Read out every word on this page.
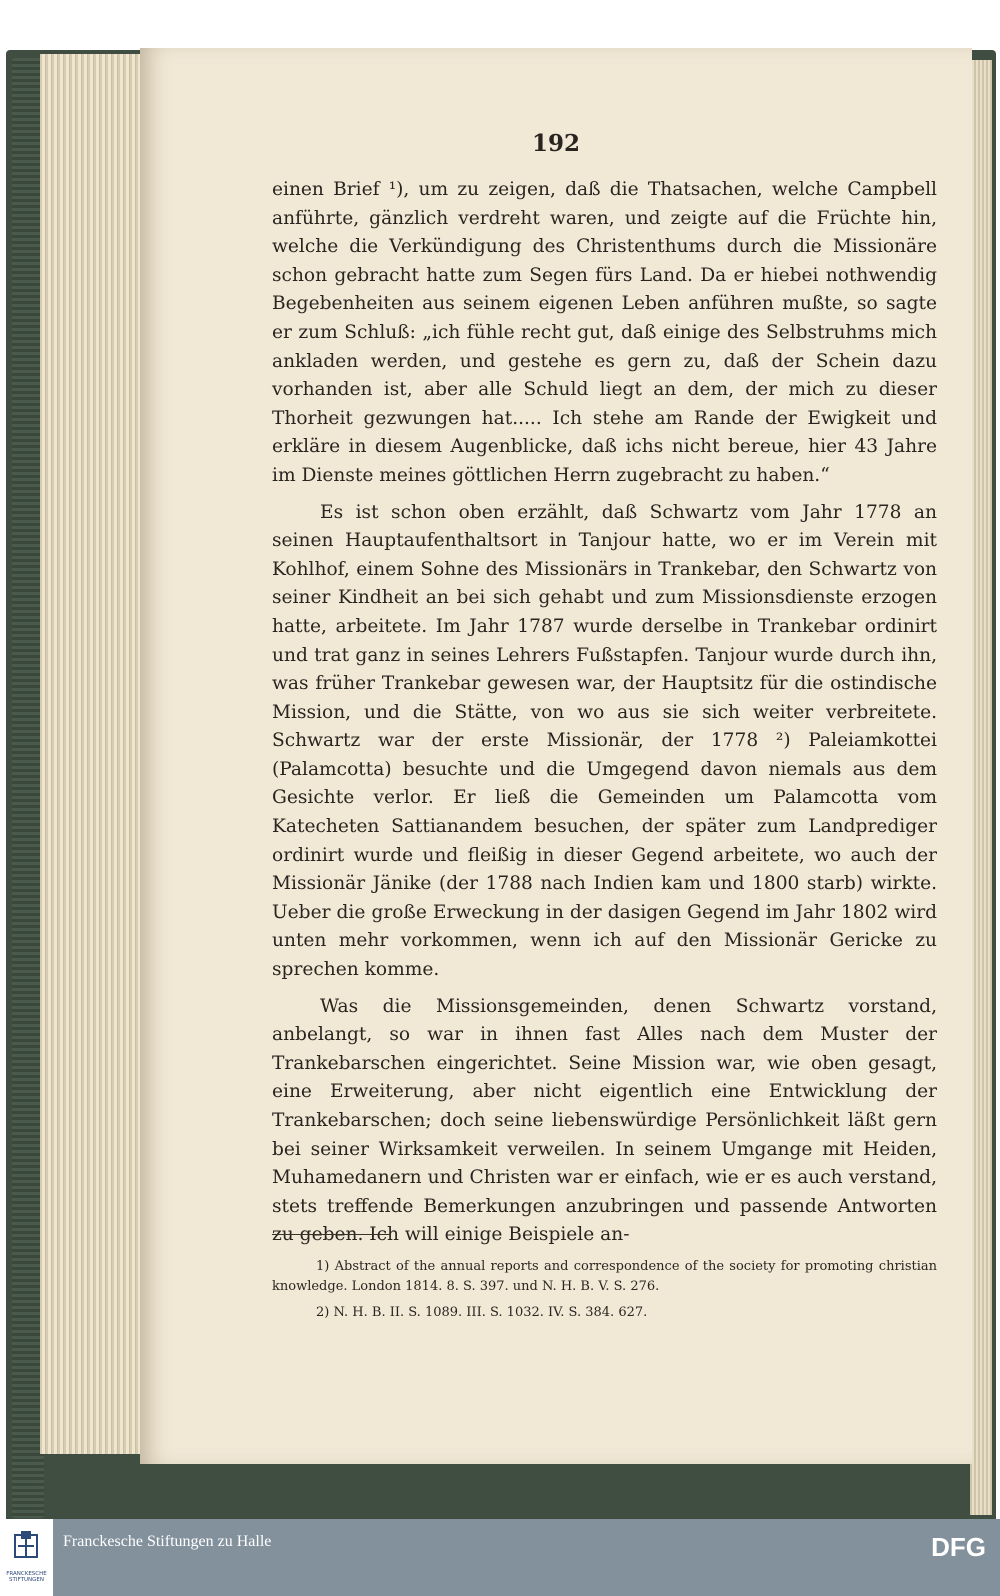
192

einen Brief ¹), um zu zeigen, daß die Thatsachen, welche Campbell anführte, gänzlich verdreht waren, und zeigte auf die Früchte hin, welche die Verkündigung des Christenthums durch die Missionäre schon gebracht hatte zum Segen fürs Land. Da er hiebei nothwendig Begebenheiten aus seinem eigenen Leben anführen mußte, so sagte er zum Schluß: „ich fühle recht gut, daß einige des Selbstruhms mich ankladen werden, und gestehe es gern zu, daß der Schein dazu vorhanden ist, aber alle Schuld liegt an dem, der mich zu dieser Thorheit gezwungen hat..... Ich stehe am Rande der Ewigkeit und erkläre in diesem Augenblicke, daß ichs nicht bereue, hier 43 Jahre im Dienste meines göttlichen Herrn zugebracht zu haben.“

Es ist schon oben erzählt, daß Schwartz vom Jahr 1778 an seinen Hauptaufenthaltsort in Tanjour hatte, wo er im Verein mit Kohlhof, einem Sohne des Missionärs in Trankebar, den Schwartz von seiner Kindheit an bei sich gehabt und zum Missionsdienste erzogen hatte, arbeitete. Im Jahr 1787 wurde derselbe in Trankebar ordinirt und trat ganz in seines Lehrers Fußstapfen. Tanjour wurde durch ihn, was früher Trankebar gewesen war, der Hauptsitz für die ostindische Mission, und die Stätte, von wo aus sie sich weiter verbreitete. Schwartz war der erste Missionär, der 1778 ²) Paleiamkottei (Palamcotta) besuchte und die Umgegend davon niemals aus dem Gesichte verlor. Er ließ die Gemeinden um Palamcotta vom Katecheten Sattianandem besuchen, der später zum Landprediger ordinirt wurde und fleißig in dieser Gegend arbeitete, wo auch der Missionär Jänike (der 1788 nach Indien kam und 1800 starb) wirkte. Ueber die große Erweckung in der dasigen Gegend im Jahr 1802 wird unten mehr vorkommen, wenn ich auf den Missionär Gericke zu sprechen komme.

Was die Missionsgemeinden, denen Schwartz vorstand, anbelangt, so war in ihnen fast Alles nach dem Muster der Trankebarschen eingerichtet. Seine Mission war, wie oben gesagt, eine Erweiterung, aber nicht eigentlich eine Entwicklung der Trankebarschen; doch seine liebenswürdige Persönlichkeit läßt gern bei seiner Wirksamkeit verweilen. In seinem Umgange mit Heiden, Muhamedanern und Christen war er einfach, wie er es auch verstand, stets treffende Bemerkungen anzubringen und passende Antworten zu geben. Ich will einige Beispiele an-

1) Abstract of the annual reports and correspondence of the society for promoting christian knowledge. London 1814. 8. S. 397. und N. H. B. V. S. 276.

2) N. H. B. II. S. 1089. III. S. 1032. IV. S. 384. 627.

FRANCKESCHE STIFTUNGEN
Franckesche Stiftungen zu Halle	DFG
